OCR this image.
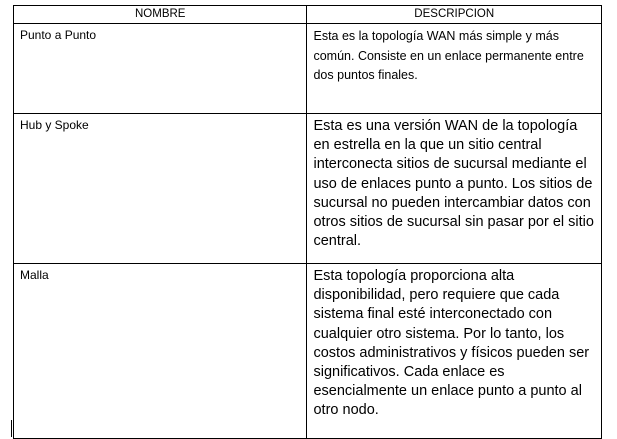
NOMBRE	DESCRIPCION
Punto a Punto	Esta es la topología WAN más simple y más común. Consiste en un enlace permanente entre dos puntos finales.
Hub y Spoke	Esta es una versión WAN de la topología en estrella en la que un sitio central interconecta sitios de sucursal mediante el uso de enlaces punto a punto. Los sitios de sucursal no pueden intercambiar datos con otros sitios de sucursal sin pasar por el sitio central.
Malla	Esta topología proporciona alta disponibilidad, pero requiere que cada sistema final esté interconectado con cualquier otro sistema. Por lo tanto, los costos administrativos y físicos pueden ser significativos. Cada enlace es esencialmente un enlace punto a punto al otro nodo.
